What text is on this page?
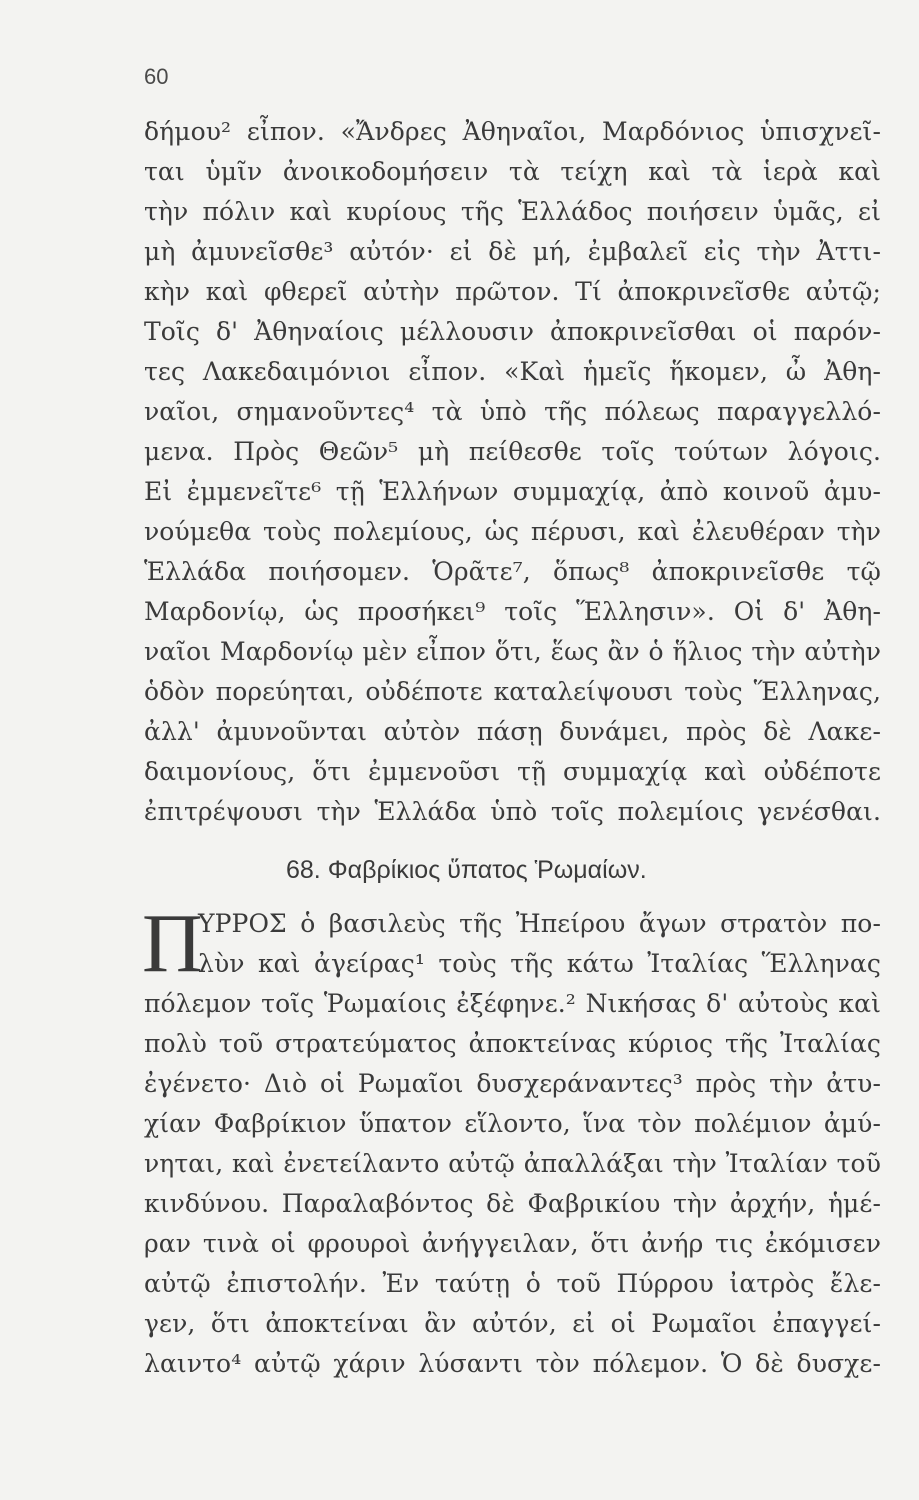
60
δήμου² εἶπον. «Ἄνδρες Ἀθηναῖοι, Μαρδόνιος ὑπισχνεῖ-
ται ὑμῖν ἀνοικοδομήσειν τὰ τείχη καὶ τὰ ἱερὰ καὶ
τὴν πόλιν καὶ κυρίους τῆς Ἑλλάδος ποιήσειν ὑμᾶς, εἰ
μὴ ἀμυνεῖσθε³ αὐτόν· εἰ δὲ μή, ἐμβαλεῖ εἰς τὴν Ἀττι-
κὴν καὶ φθερεῖ αὐτὴν πρῶτον. Τί ἀποκρινεῖσθε αὐτῷ;
Τοῖς δ' Ἀθηναίοις μέλλουσιν ἀποκρινεῖσθαι οἱ παρόν-
τες Λακεδαιμόνιοι εἶπον. «Καὶ ἡμεῖς ἥκομεν, ὦ Ἀθη-
ναῖοι, σημανοῦντες⁴ τὰ ὑπὸ τῆς πόλεως παραγγελλό-
μενα. Πρὸς Θεῶν⁵ μὴ πείθεσθε τοῖς τούτων λόγοις.
Εἰ ἐμμενεῖτε⁶ τῇ Ἑλλήνων συμμαχίᾳ, ἀπὸ κοινοῦ ἀμυ-
νούμεθα τοὺς πολεμίους, ὡς πέρυσι, καὶ ἐλευθέραν τὴν
Ἑλλάδα ποιήσομεν. Ὁρᾶτε⁷, ὅπως⁸ ἀποκρινεῖσθε τῷ
Μαρδονίῳ, ὡς προσήκει⁹ τοῖς Ἕλλησιν». Οἱ δ' Ἀθη-
ναῖοι Μαρδονίῳ μὲν εἶπον ὅτι, ἕως ἂν ὁ ἥλιος τὴν αὐτὴν
ὁδὸν πορεύηται, οὐδέποτε καταλείψουσι τοὺς Ἕλληνας,
ἀλλ' ἀμυνοῦνται αὐτὸν πάσῃ δυνάμει, πρὸς δὲ Λακε-
δαιμονίους, ὅτι ἐμμενοῦσι τῇ συμμαχίᾳ καὶ οὐδέποτε
ἐπιτρέψουσι τὴν Ἑλλάδα ὑπὸ τοῖς πολεμίοις γενέσθαι.
68. Φαβρίκιος ὕπατος Ῥωμαίων.
Π
ΥΡΡΟΣ ὁ βασιλεὺς τῆς Ἠπείρου ἄγων στρατὸν πο-
λὺν καὶ ἀγείρας¹ τοὺς τῆς κάτω Ἰταλίας Ἕλληνας
πόλεμον τοῖς Ῥωμαίοις ἐξέφηνε.² Νικήσας δ' αὐτοὺς καὶ
πολὺ τοῦ στρατεύματος ἀποκτείνας κύριος τῆς Ἰταλίας
ἐγένετο· Διὸ οἱ Ρωμαῖοι δυσχεράναντες³ πρὸς τὴν ἀτυ-
χίαν Φαβρίκιον ὕπατον εἵλοντο, ἵνα τὸν πολέμιον ἀμύ-
νηται, καὶ ἐνετείλαντο αὐτῷ ἀπαλλάξαι τὴν Ἰταλίαν τοῦ
κινδύνου. Παραλαβόντος δὲ Φαβρικίου τὴν ἀρχήν, ἡμέ-
ραν τινὰ οἱ φρουροὶ ἀνήγγειλαν, ὅτι ἀνήρ τις ἐκόμισεν
αὐτῷ ἐπιστολήν. Ἐν ταύτῃ ὁ τοῦ Πύρρου ἰατρὸς ἔλε-
γεν, ὅτι ἀποκτείναι ἂν αὐτόν, εἰ οἱ Ρωμαῖοι ἐπαγγεί-
λαιντο⁴ αὐτῷ χάριν λύσαντι τὸν πόλεμον. Ὁ δὲ δυσχε-
